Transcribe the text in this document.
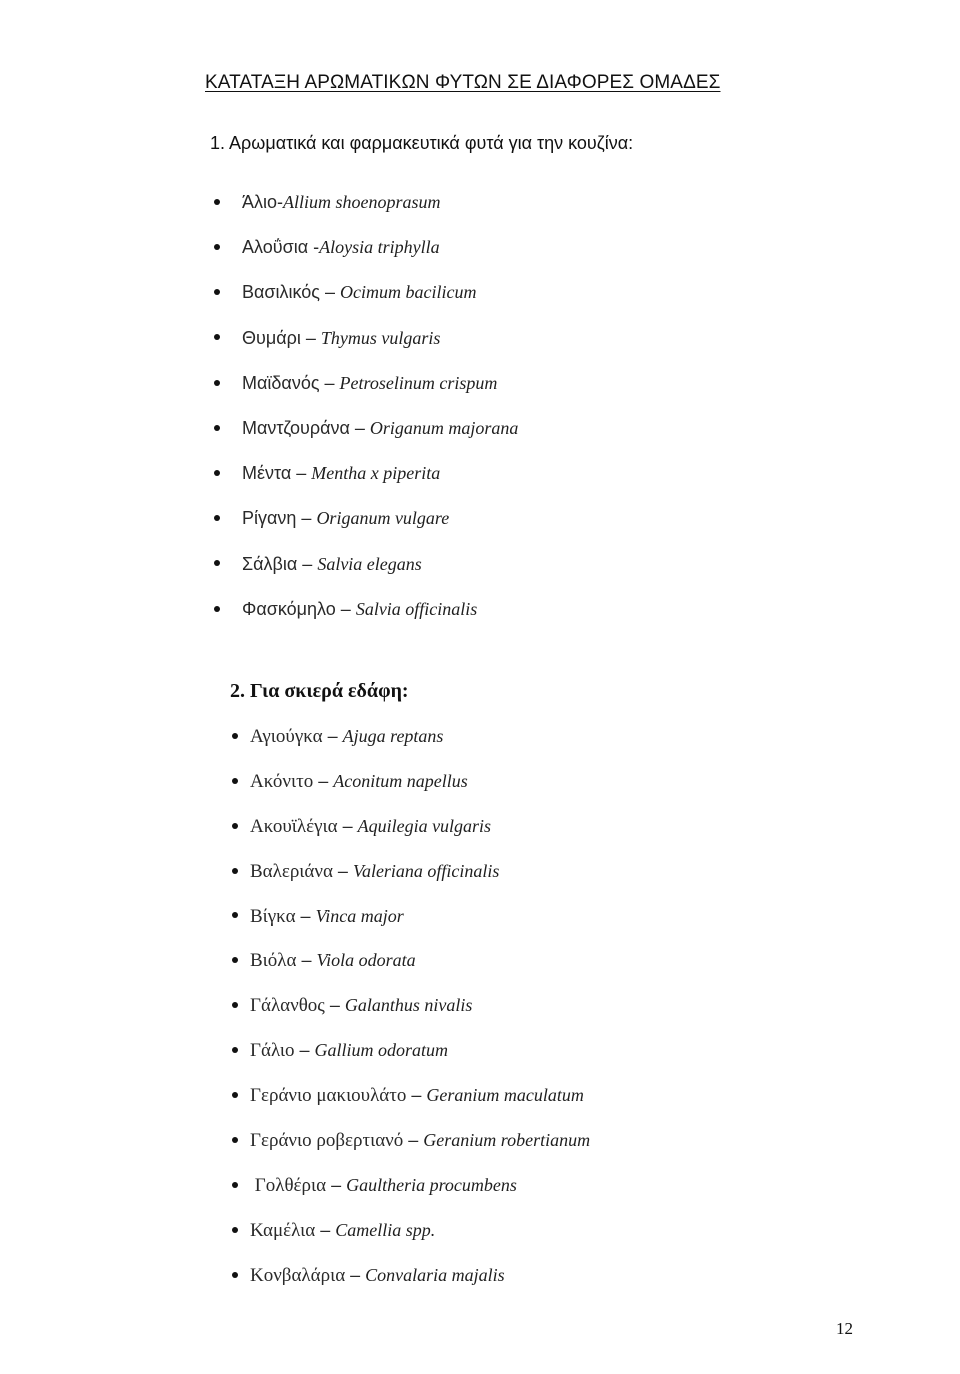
ΚΑΤΑΤΑΞΗ ΑΡΩΜΑΤΙΚΩΝ ΦΥΤΩΝ ΣΕ ΔΙΑΦΟΡΕΣ ΟΜΑΔΕΣ
1. Αρωματικά και φαρμακευτικά φυτά για την κουζίνα:
Άλιο-Allium shoenoprasum
Αλοΰσια -Aloysia triphylla
Βασιλικός – Ocimum bacilicum
Θυμάρι – Thymus vulgaris
Μαϊδανός – Petroselinum crispum
Μαντζουράνα – Origanum majorana
Μέντα – Mentha x piperita
Ρίγανη – Origanum vulgare
Σάλβια – Salvia elegans
Φασκόμηλο – Salvia officinalis
2. Για σκιερά εδάφη:
Αγιούγκα – Ajuga reptans
Ακόνιτο – Aconitum napellus
Ακουϊλέγια – Aquilegia vulgaris
Βαλεριάνα – Valeriana officinalis
Βίγκα – Vinca major
Βιόλα – Viola odorata
Γάλανθος – Galanthus nivalis
Γάλιο – Gallium odoratum
Γεράνιο μακιουλάτο – Geranium maculatum
Γεράνιο ροβερτιανό – Geranium robertianum
Γολθέρια – Gaultheria procumbens
Καμέλια – Camellia spp.
Κονβαλάρια – Convalaria majalis
12
